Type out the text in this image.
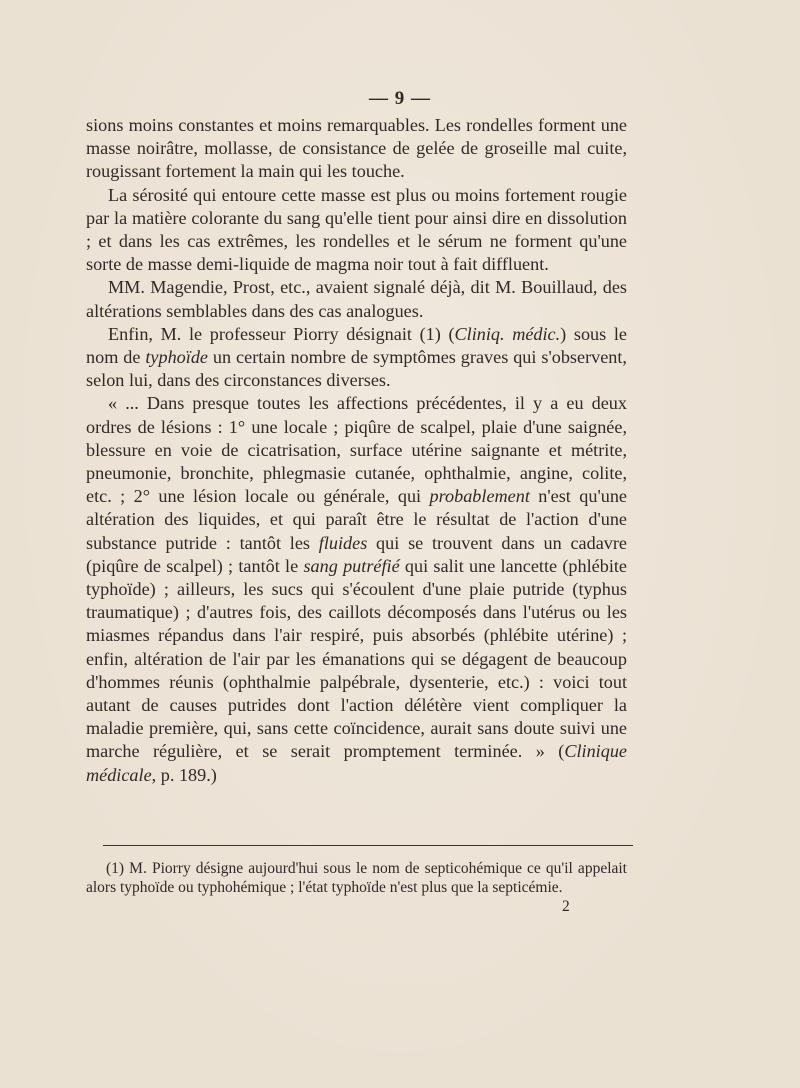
— 9 —

sions moins constantes et moins remarquables. Les rondelles forment une masse noirâtre, mollasse, de consistance de gelée de groseille mal cuite, rougissant fortement la main qui les touche.

La sérosité qui entoure cette masse est plus ou moins fortement rougie par la matière colorante du sang qu'elle tient pour ainsi dire en dissolution ; et dans les cas extrêmes, les rondelles et le sérum ne forment qu'une sorte de masse demi-liquide de magma noir tout à fait diffluent.

MM. Magendie, Prost, etc., avaient signalé déjà, dit M. Bouillaud, des altérations semblables dans des cas analogues.

Enfin, M. le professeur Piorry désignait (1) (Cliniq. médic.) sous le nom de typhoïde un certain nombre de symptômes graves qui s'observent, selon lui, dans des circonstances diverses.

« ... Dans presque toutes les affections précédentes, il y a eu deux ordres de lésions : 1° une locale ; piqûre de scalpel, plaie d'une saignée, blessure en voie de cicatrisation, surface utérine saignante et métrite, pneumonie, bronchite, phlegmasie cutanée, ophthalmie, angine, colite, etc. ; 2° une lésion locale ou générale, qui probablement n'est qu'une altération des liquides, et qui paraît être le résultat de l'action d'une substance putride : tantôt les fluides qui se trouvent dans un cadavre (piqûre de scalpel) ; tantôt le sang putréfié qui salit une lancette (phlébite typhoïde) ; ailleurs, les sucs qui s'écoulent d'une plaie putride (typhus traumatique) ; d'autres fois, des caillots décomposés dans l'utérus ou les miasmes répandus dans l'air respiré, puis absorbés (phlébite utérine) ; enfin, altération de l'air par les émanations qui se dégagent de beaucoup d'hommes réunis (ophthalmie palpébrale, dysenterie, etc.) : voici tout autant de causes putrides dont l'action délétère vient compliquer la maladie première, qui, sans cette coïncidence, aurait sans doute suivi une marche régulière, et se serait promptement terminée. » (Clinique médicale, p. 189.)

(1) M. Piorry désigne aujourd'hui sous le nom de septicohémique ce qu'il appelait alors typhoïde ou typhohémique ; l'état typhoïde n'est plus que la septicémie.

2
